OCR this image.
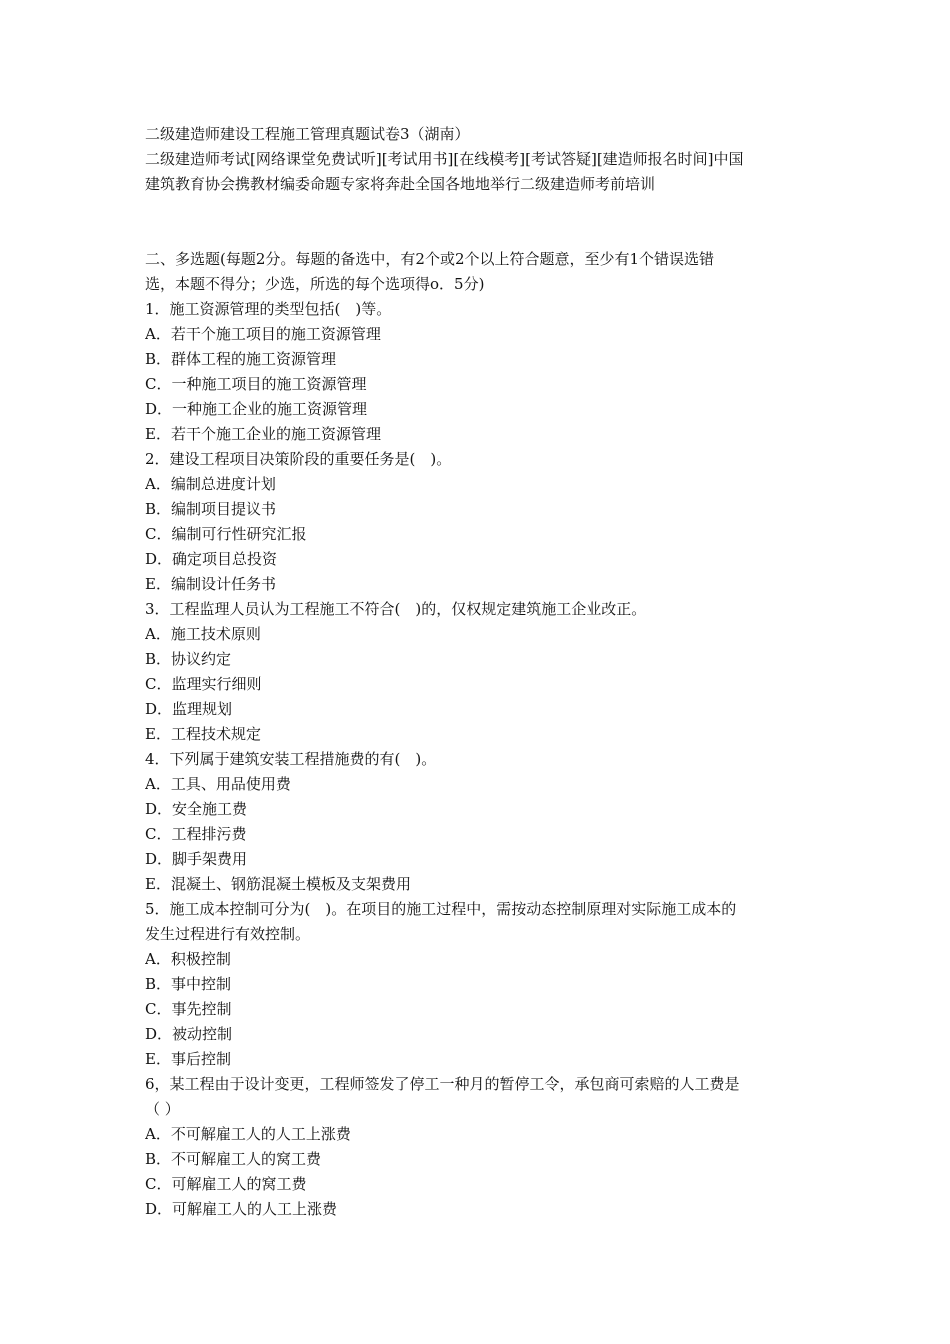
二级建造师建设工程施工管理真题试卷3（湖南）
二级建造师考试[网络课堂免费试听][考试用书][在线模考][考试答疑][建造师报名时间]中国
建筑教育协会携教材编委命题专家将奔赴全国各地地举行二级建造师考前培训
二、多选题(每题2分。每题的备选中，有2个或2个以上符合题意，至少有1个错误选错
选，本题不得分；少选，所选的每个选项得o．5分)
1．施工资源管理的类型包括(　)等。
A．若干个施工项目的施工资源管理
B．群体工程的施工资源管理
C．一种施工项目的施工资源管理
D．一种施工企业的施工资源管理
E．若干个施工企业的施工资源管理
2．建设工程项目决策阶段的重要任务是(　)。
A．编制总进度计划
B．编制项目提议书
C．编制可行性研究汇报
D．确定项目总投资
E．编制设计任务书
3．工程监理人员认为工程施工不符合(　)的，仅权规定建筑施工企业改正。
A．施工技术原则
B．协议约定
C．监理实行细则
D．监理规划
E．工程技术规定
4．下列属于建筑安装工程措施费的有(　)。
A．工具、用品使用费
D．安全施工费
C．工程排污费
D．脚手架费用
E．混凝土、钢筋混凝土模板及支架费用
5．施工成本控制可分为(　)。在项目的施工过程中，需按动态控制原理对实际施工成本的
发生过程进行有效控制。
A．积极控制
B．事中控制
C．事先控制
D．被动控制
E．事后控制
6，某工程由于设计变更，工程师签发了停工一种月的暂停工令，承包商可索赔的人工费是
（ ）
A．不可解雇工人的人工上涨费
B．不可解雇工人的窝工费
C．可解雇工人的窝工费
D．可解雇工人的人工上涨费
